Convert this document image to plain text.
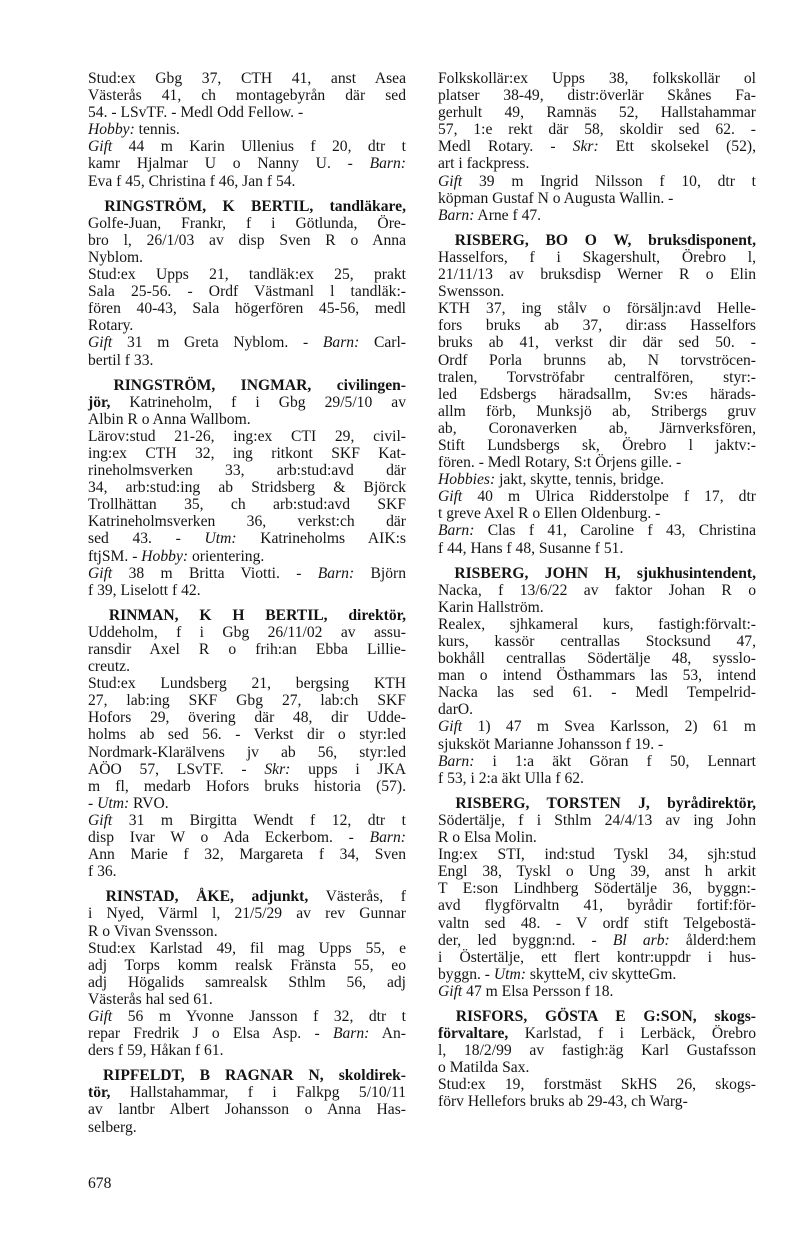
Stud:ex Gbg 37, CTH 41, anst Asea
Västerås 41, ch montagebyrån där sed
54. - LSvTF. - Medl Odd Fellow. -
Hobby: tennis.
Gift 44 m Karin Ullenius f 20, dtr t
kamr Hjalmar U o Nanny U. - Barn:
Eva f 45, Christina f 46, Jan f 54.
RINGSTRÖM, K BERTIL, tandläkare,
Golfe-Juan, Frankr, f i Götlunda, Öre-
bro l, 26/1/03 av disp Sven R o Anna
Nyblom.
Stud:ex Upps 21, tandläk:ex 25, prakt
Sala 25-56. - Ordf Västmanl l tandläk:-
fören 40-43, Sala högerfören 45-56, medl
Rotary.
Gift 31 m Greta Nyblom. - Barn: Carl-
bertil f 33.
RINGSTRÖM, INGMAR, civilingen-
jör, Katrineholm, f i Gbg 29/5/10 av
Albin R o Anna Wallbom.
Lärov:stud 21-26, ing:ex CTI 29, civil-
ing:ex CTH 32, ing ritkont SKF Kat-
rineholmsverken 33, arb:stud:avd där
34, arb:stud:ing ab Stridsberg & Björck
Trollhättan 35, ch arb:stud:avd SKF
Katrineholmsverken 36, verkst:ch där
sed 43. - Utm: Katrineholms AIK:s
ftjSM. - Hobby: orientering.
Gift 38 m Britta Viotti. - Barn: Björn
f 39, Liselott f 42.
RINMAN, K H BERTIL, direktör,
Uddeholm, f i Gbg 26/11/02 av assu-
ransdir Axel R o frih:an Ebba Lillie-
creutz.
Stud:ex Lundsberg 21, bergsing KTH
27, lab:ing SKF Gbg 27, lab:ch SKF
Hofors 29, övering där 48, dir Udde-
holms ab sed 56. - Verkst dir o styr:led
Nordmark-Klarälvens jv ab 56, styr:led
AÖO 57, LSvTF. - Skr: upps i JKA
m fl, medarb Hofors bruks historia (57).
- Utm: RVO.
Gift 31 m Birgitta Wendt f 12, dtr t
disp Ivar W o Ada Eckerbom. - Barn:
Ann Marie f 32, Margareta f 34, Sven
f 36.
RINSTAD, ÅKE, adjunkt, Västerås, f
i Nyed, Värml l, 21/5/29 av rev Gunnar
R o Vivan Svensson.
Stud:ex Karlstad 49, fil mag Upps 55, e
adj Torps komm realsk Fränsta 55, eo
adj Högalids samrealsk Sthlm 56, adj
Västerås hal sed 61.
Gift 56 m Yvonne Jansson f 32, dtr t
repar Fredrik J o Elsa Asp. - Barn: An-
ders f 59, Håkan f 61.
RIPFELDT, B RAGNAR N, skoldirek-
tör, Hallstahammar, f i Falkpg 5/10/11
av lantbr Albert Johansson o Anna Has-
selberg.
Folkskollär:ex Upps 38, folkskollär ol
platser 38-49, distr:överlär Skånes Fa-
gerhult 49, Ramnäs 52, Hallstahammar
57, 1:e rekt där 58, skoldir sed 62. -
Medl Rotary. - Skr: Ett skolsekel (52),
art i fackpress.
Gift 39 m Ingrid Nilsson f 10, dtr t
köpman Gustaf N o Augusta Wallin. -
Barn: Arne f 47.
RISBERG, BO O W, bruksdisponent,
Hasselfors, f i Skagershult, Örebro l,
21/11/13 av bruksdisp Werner R o Elin
Swensson.
KTH 37, ing stålv o försäljn:avd Helle-
fors bruks ab 37, dir:ass Hasselfors
bruks ab 41, verkst dir där sed 50. -
Ordf Porla brunns ab, N torvströcen-
tralen, Torvströfabr centralfören, styr:-
led Edsbergs häradsallm, Sv:es härads-
allm förb, Munksjö ab, Stribergs gruv
ab, Coronaverken ab, Järnverksfören,
Stift Lundsbergs sk, Örebro l jaktv:-
fören. - Medl Rotary, S:t Örjens gille. -
Hobbies: jakt, skytte, tennis, bridge.
Gift 40 m Ulrica Ridderstolpe f 17, dtr
t greve Axel R o Ellen Oldenburg. -
Barn: Clas f 41, Caroline f 43, Christina
f 44, Hans f 48, Susanne f 51.
RISBERG, JOHN H, sjukhusintendent,
Nacka, f 13/6/22 av faktor Johan R o
Karin Hallström.
Realex, sjhkameral kurs, fastigh:förvalt:-
kurs, kassör centrallas Stocksund 47,
bokhåll centrallas Södertälje 48, sysslo-
man o intend Östhammars las 53, intend
Nacka las sed 61. - Medl Tempelrid-
darO.
Gift 1) 47 m Svea Karlsson, 2) 61 m
sjuksköt Marianne Johansson f 19. -
Barn: i 1:a äkt Göran f 50, Lennart
f 53, i 2:a äkt Ulla f 62.
RISBERG, TORSTEN J, byrådirektör,
Södertälje, f i Sthlm 24/4/13 av ing John
R o Elsa Molin.
Ing:ex STI, ind:stud Tyskl 34, sjh:stud
Engl 38, Tyskl o Ung 39, anst h arkit
T E:son Lindhberg Södertälje 36, byggn:-
avd flygförvaltn 41, byrådir fortif:för-
valtn sed 48. - V ordf stift Telgebostä-
der, led byggn:nd. - Bl arb: ålderd:hem
i Östertälje, ett flert kontr:uppdr i hus-
byggn. - Utm: skytteM, civ skytteGm.
Gift 47 m Elsa Persson f 18.
RISFORS, GÖSTA E G:SON, skogs-
förvaltare, Karlstad, f i Lerbäck, Örebro
l, 18/2/99 av fastigh:äg Karl Gustafsson
o Matilda Sax.
Stud:ex 19, forstmäst SkHS 26, skogs-
förv Hellefors bruks ab 29-43, ch Warg-
678
